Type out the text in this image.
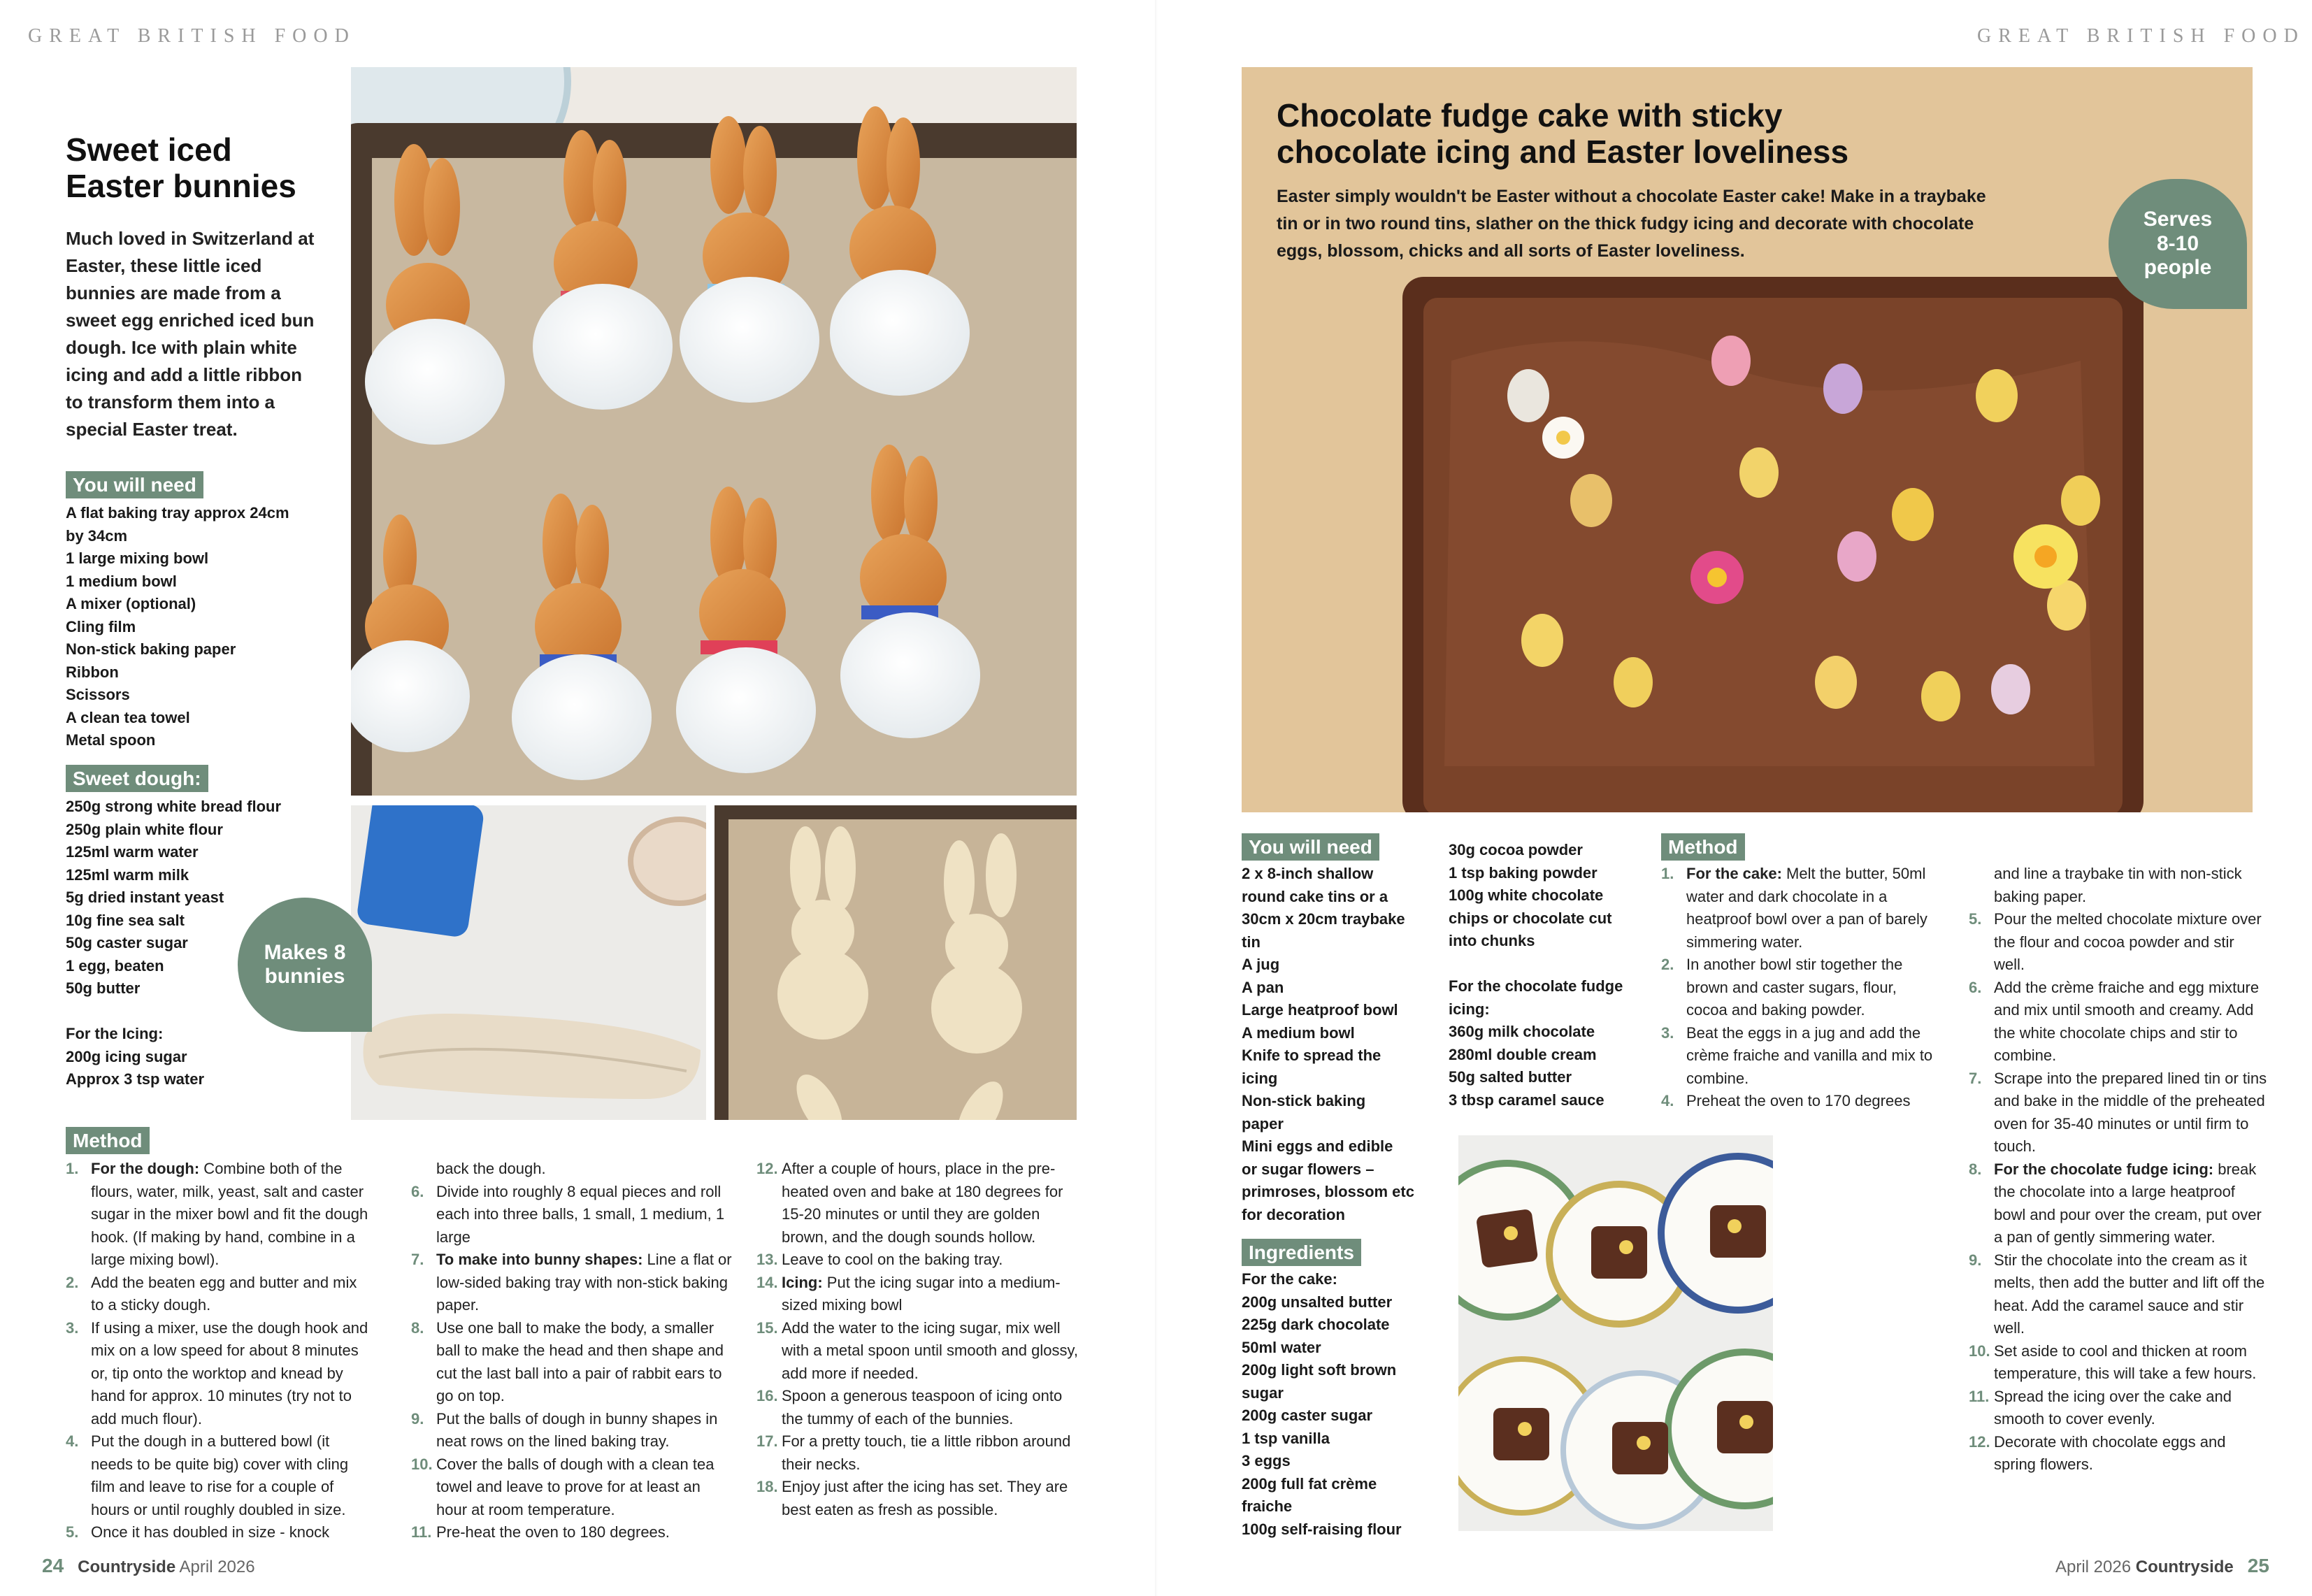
GREAT BRITISH FOOD
Sweet iced Easter bunnies
Much loved in Switzerland at Easter, these little iced bunnies are made from a sweet egg enriched iced bun dough. Ice with plain white icing and add a little ribbon to transform them into a special Easter treat.
You will need
A flat baking tray approx 24cm
by 34cm
1 large mixing bowl
1 medium bowl
A mixer (optional)
Cling film
Non-stick baking paper
Ribbon
Scissors
A clean tea towel
Metal spoon
Sweet dough:
250g strong white bread flour
250g plain white flour
125ml warm water
125ml warm milk
5g dried instant yeast
10g fine sea salt
50g caster sugar
1 egg, beaten
50g butter
For the Icing:
200g icing sugar
Approx 3 tsp water
Makes 8 bunnies
Method
1. For the dough: Combine both of the flours, water, milk, yeast, salt and caster sugar in the mixer bowl and fit the dough hook. (If making by hand, combine in a large mixing bowl).
2. Add the beaten egg and butter and mix to a sticky dough.
3. If using a mixer, use the dough hook and mix on a low speed for about 8 minutes or, tip onto the worktop and knead by hand for approx. 10 minutes (try not to add much flour).
4. Put the dough in a buttered bowl (it needs to be quite big) cover with cling film and leave to rise for a couple of hours or until roughly doubled in size.
5. Once it has doubled in size - knock
back the dough.
6. Divide into roughly 8 equal pieces and roll each into three balls, 1 small, 1 medium, 1 large
7. To make into bunny shapes: Line a flat or low-sided baking tray with non-stick baking paper.
8. Use one ball to make the body, a smaller ball to make the head and then shape and cut the last ball into a pair of rabbit ears to go on top.
9. Put the balls of dough in bunny shapes in neat rows on the lined baking tray.
10. Cover the balls of dough with a clean tea towel and leave to prove for at least an hour at room temperature.
11. Pre-heat the oven to 180 degrees.
12. After a couple of hours, place in the pre-heated oven and bake at 180 degrees for 15-20 minutes or until they are golden brown, and the dough sounds hollow.
13. Leave to cool on the baking tray.
14. Icing: Put the icing sugar into a medium-sized mixing bowl
15. Add the water to the icing sugar, mix well with a metal spoon until smooth and glossy, add more if needed.
16. Spoon a generous teaspoon of icing onto the tummy of each of the bunnies.
17. For a pretty touch, tie a little ribbon around their necks.
18. Enjoy just after the icing has set. They are best eaten as fresh as possible.
24 Countryside April 2026
GREAT BRITISH FOOD
Chocolate fudge cake with sticky chocolate icing and Easter loveliness
Easter simply wouldn't be Easter without a chocolate Easter cake! Make in a traybake tin or in two round tins, slather on the thick fudgy icing and decorate with chocolate eggs, blossom, chicks and all sorts of Easter loveliness.
Serves 8-10 people
You will need
2 x 8-inch shallow
round cake tins or a
30cm x 20cm traybake
tin
A jug
A pan
Large heatproof bowl
A medium bowl
Knife to spread the
icing
Non-stick baking
paper
Mini eggs and edible
or sugar flowers –
primroses, blossom etc
for decoration
Ingredients
For the cake:
200g unsalted butter
225g dark chocolate
50ml water
200g light soft brown
sugar
200g caster sugar
1 tsp vanilla
3 eggs
200g full fat crème
fraiche
100g self-raising flour
30g cocoa powder
1 tsp baking powder
100g white chocolate
chips or chocolate cut
into chunks
For the chocolate fudge icing:
360g milk chocolate
280ml double cream
50g salted butter
3 tbsp caramel sauce
Method
1. For the cake: Melt the butter, 50ml water and dark chocolate in a heatproof bowl over a pan of barely simmering water.
2. In another bowl stir together the brown and caster sugars, flour, cocoa and baking powder.
3. Beat the eggs in a jug and add the crème fraiche and vanilla and mix to combine.
4. Preheat the oven to 170 degrees
and line a traybake tin with non-stick baking paper.
5. Pour the melted chocolate mixture over the flour and cocoa powder and stir well.
6. Add the crème fraiche and egg mixture and mix until smooth and creamy. Add the white chocolate chips and stir to combine.
7. Scrape into the prepared lined tin or tins and bake in the middle of the preheated oven for 35-40 minutes or until firm to touch.
8. For the chocolate fudge icing: break the chocolate into a large heatproof bowl and pour over the cream, put over a pan of gently simmering water.
9. Stir the chocolate into the cream as it melts, then add the butter and lift off the heat. Add the caramel sauce and stir well.
10. Set aside to cool and thicken at room temperature, this will take a few hours.
11. Spread the icing over the cake and smooth to cover evenly.
12. Decorate with chocolate eggs and spring flowers.
April 2026 Countryside 25
